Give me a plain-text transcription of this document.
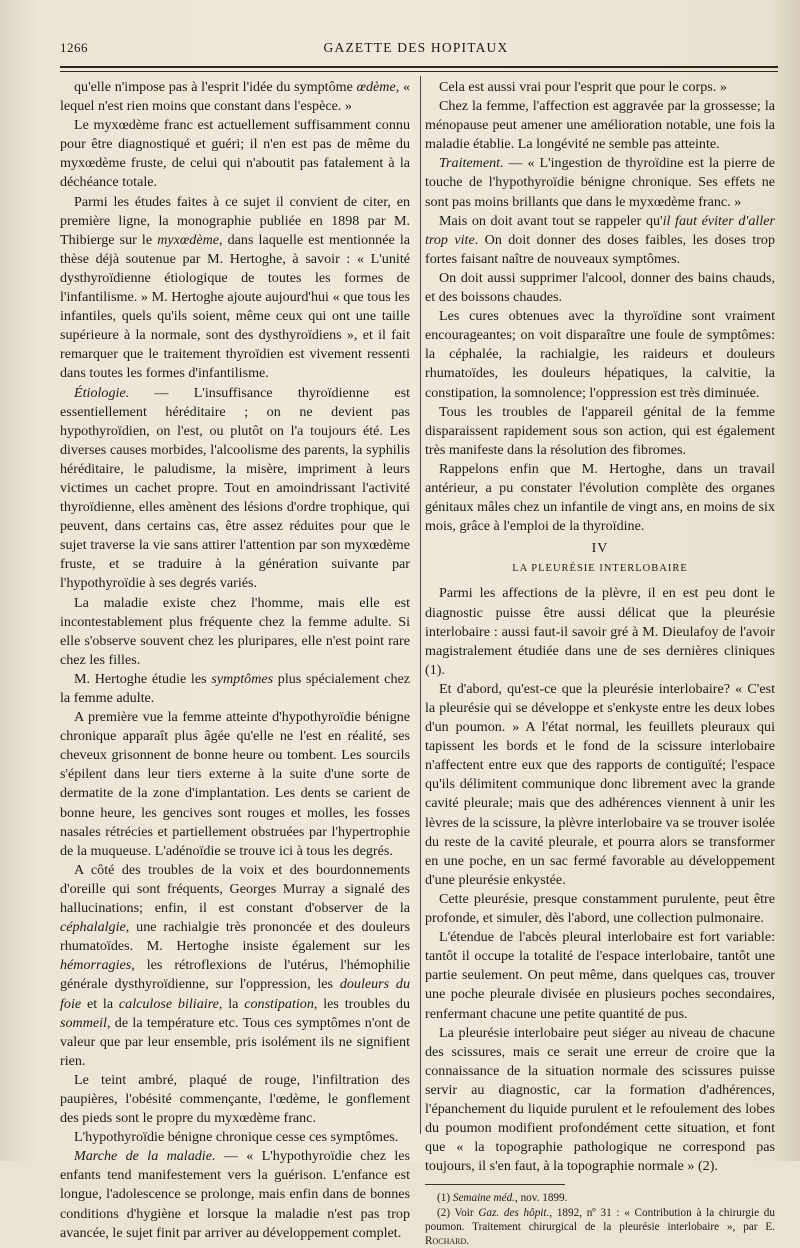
1266	GAZETTE DES HOPITAUX

qu'elle n'impose pas à l'esprit l'idée du symptôme œdème, « lequel n'est rien moins que constant dans l'espèce. »

Le myxœdème franc est actuellement suffisamment connu pour être diagnostiqué et guéri; il n'en est pas de même du myxœdème fruste, de celui qui n'aboutit pas fatalement à la déchéance totale.

Parmi les études faites à ce sujet il convient de citer, en première ligne, la monographie publiée en 1898 par M. Thibierge sur le myxœdème, dans laquelle est mentionnée la thèse déjà soutenue par M. Hertoghe, à savoir : « L'unité dysthyroïdienne étiologique de toutes les formes de l'infantilisme. » M. Hertoghe ajoute aujourd'hui « que tous les infantiles, quels qu'ils soient, même ceux qui ont une taille supérieure à la normale, sont des dysthyroïdiens », et il fait remarquer que le traitement thyroïdien est vivement ressenti dans toutes les formes d'infantilisme.

Étiologie. — L'insuffisance thyroïdienne est essentiellement héréditaire ; on ne devient pas hypothyroïdien, on l'est, ou plutôt on l'a toujours été. Les diverses causes morbides, l'alcoolisme des parents, la syphilis héréditaire, le paludisme, la misère, impriment à leurs victimes un cachet propre. Tout en amoindrissant l'activité thyroïdienne, elles amènent des lésions d'ordre trophique, qui peuvent, dans certains cas, être assez réduites pour que le sujet traverse la vie sans attirer l'attention par son myxœdème fruste, et se traduire à la génération suivante par l'hypothyroïdie à ses degrés variés.

La maladie existe chez l'homme, mais elle est incontestablement plus fréquente chez la femme adulte. Si elle s'observe souvent chez les pluripares, elle n'est point rare chez les filles.

M. Hertoghe étudie les symptômes plus spécialement chez la femme adulte.

A première vue la femme atteinte d'hypothyroïdie bénigne chronique apparaît plus âgée qu'elle ne l'est en réalité, ses cheveux grisonnent de bonne heure ou tombent. Les sourcils s'épilent dans leur tiers externe à la suite d'une sorte de dermatite de la zone d'implantation. Les dents se carient de bonne heure, les gencives sont rouges et molles, les fosses nasales rétrécies et partiellement obstruées par l'hypertrophie de la muqueuse. L'adénoïdie se trouve ici à tous les degrés.

A côté des troubles de la voix et des bourdonnements d'oreille qui sont fréquents, Georges Murray a signalé des hallucinations; enfin, il est constant d'observer de la céphalalgie, une rachialgie très prononcée et des douleurs rhumatoïdes. M. Hertoghe insiste également sur les hémorragies, les rétroflexions de l'utérus, l'hémophilie générale dysthyroïdienne, sur l'oppression, les douleurs du foie et la calculose biliaire, la constipation, les troubles du sommeil, de la température etc. Tous ces symptômes n'ont de valeur que par leur ensemble, pris isolément ils ne signifient rien.

Le teint ambré, plaqué de rouge, l'infiltration des paupières, l'obésité commençante, l'œdème, le gonflement des pieds sont le propre du myxœdème franc.

L'hypothyroïdie bénigne chronique cesse ces symptômes.

Marche de la maladie. — « L'hypothyroïdie chez les enfants tend manifestement vers la guérison. L'enfance est longue, l'adolescence se prolonge, mais enfin dans de bonnes conditions d'hygiène et lorsque la maladie n'est pas trop avancée, le sujet finit par arriver au développement complet.

Cela est aussi vrai pour l'esprit que pour le corps. »

Chez la femme, l'affection est aggravée par la grossesse; la ménopause peut amener une amélioration notable, une fois la maladie établie. La longévité ne semble pas atteinte.

Traitement. — « L'ingestion de thyroïdine est la pierre de touche de l'hypothyroïdie bénigne chronique. Ses effets ne sont pas moins brillants que dans le myxœdème franc. »

Mais on doit avant tout se rappeler qu'il faut éviter d'aller trop vite. On doit donner des doses faibles, les doses trop fortes faisant naître de nouveaux symptômes.

On doit aussi supprimer l'alcool, donner des bains chauds, et des boissons chaudes.

Les cures obtenues avec la thyroïdine sont vraiment encourageantes; on voit disparaître une foule de symptômes: la céphalée, la rachialgie, les raideurs et douleurs rhumatoïdes, les douleurs hépatiques, la calvitie, la constipation, la somnolence; l'oppression est très diminuée.

Tous les troubles de l'appareil génital de la femme disparaissent rapidement sous son action, qui est également très manifeste dans la résolution des fibromes.

Rappelons enfin que M. Hertoghe, dans un travail antérieur, a pu constater l'évolution complète des organes génitaux mâles chez un infantile de vingt ans, en moins de six mois, grâce à l'emploi de la thyroïdine.

IV
LA PLEURÉSIE INTERLOBAIRE

Parmi les affections de la plèvre, il en est peu dont le diagnostic puisse être aussi délicat que la pleurésie interlobaire : aussi faut-il savoir gré à M. Dieulafoy de l'avoir magistralement étudiée dans une de ses dernières cliniques (1).

Et d'abord, qu'est-ce que la pleurésie interlobaire? « C'est la pleurésie qui se développe et s'enkyste entre les deux lobes d'un poumon. » A l'état normal, les feuillets pleuraux qui tapissent les bords et le fond de la scissure interlobaire n'affectent entre eux que des rapports de contiguïté; l'espace qu'ils délimitent communique donc librement avec la grande cavité pleurale; mais que des adhérences viennent à unir les lèvres de la scissure, la plèvre interlobaire va se trouver isolée du reste de la cavité pleurale, et pourra alors se transformer en une poche, en un sac fermé favorable au développement d'une pleurésie enkystée.

Cette pleurésie, presque constamment purulente, peut être profonde, et simuler, dès l'abord, une collection pulmonaire.

L'étendue de l'abcès pleural interlobaire est fort variable: tantôt il occupe la totalité de l'espace interlobaire, tantôt une partie seulement. On peut même, dans quelques cas, trouver une poche pleurale divisée en plusieurs poches secondaires, renfermant chacune une petite quantité de pus.

La pleurésie interlobaire peut siéger au niveau de chacune des scissures, mais ce serait une erreur de croire que la connaissance de la situation normale des scissures puisse servir au diagnostic, car la formation d'adhérences, l'épanchement du liquide purulent et le refoulement des lobes du poumon modifient profondément cette situation, et font que « la topographie pathologique ne correspond pas toujours, il s'en faut, à la topographie normale » (2).

(1) Semaine méd., nov. 1899.

(2) Voir Gaz. des hôpit., 1892, nº 31 : « Contribution à la chirurgie du poumon. Traitement chirurgical de la pleurésie interlobaire », par E. Rochard.
